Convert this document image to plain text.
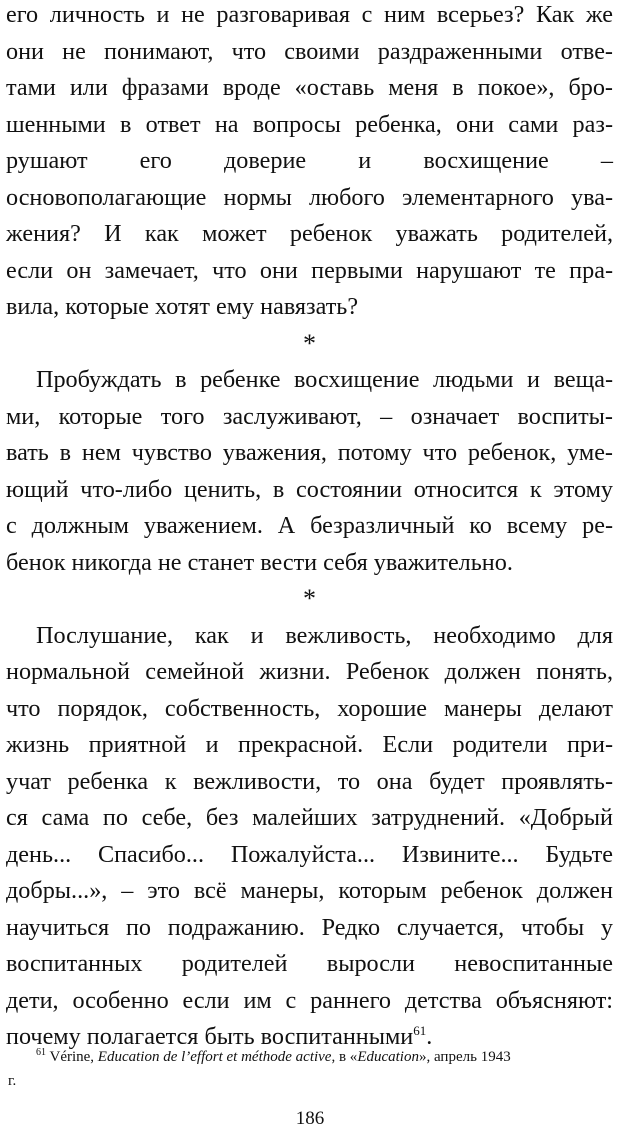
его личность и не разговаривая с ним всерьез? Как же
они не понимают, что своими раздраженными отве-
тами или фразами вроде «оставь меня в покое», бро-
шенными в ответ на вопросы ребенка, они сами раз-
рушают его доверие и восхищение –
основополагающие нормы любого элементарного ува-
жения? И как может ребенок уважать родителей,
если он замечает, что они первыми нарушают те пра-
вила, которые хотят ему навязать?
*
Пробуждать в ребенке восхищение людьми и веща-
ми, которые того заслуживают, – означает воспиты-
вать в нем чувство уважения, потому что ребенок, уме-
ющий что-либо ценить, в состоянии относится к этому
с должным уважением. А безразличный ко всему ре-
бенок никогда не станет вести себя уважительно.
*
Послушание, как и вежливость, необходимо для
нормальной семейной жизни. Ребенок должен понять,
что порядок, собственность, хорошие манеры делают
жизнь приятной и прекрасной. Если родители при-
учат ребенка к вежливости, то она будет проявлять-
ся сама по себе, без малейших затруднений. «Добрый
день... Спасибо... Пожалуйста... Извините... Будьте
добры...», – это всё манеры, которым ребенок должен
научиться по подражанию. Редко случается, чтобы у
воспитанных родителей выросли невоспитанные
дети, особенно если им с раннего детства объясняют:
почему полагается быть воспитанными$^{61}$.
$^{61}$ Vérine, Education de l’effort et méthode active, в «Education», апрель 1943
г.
186
